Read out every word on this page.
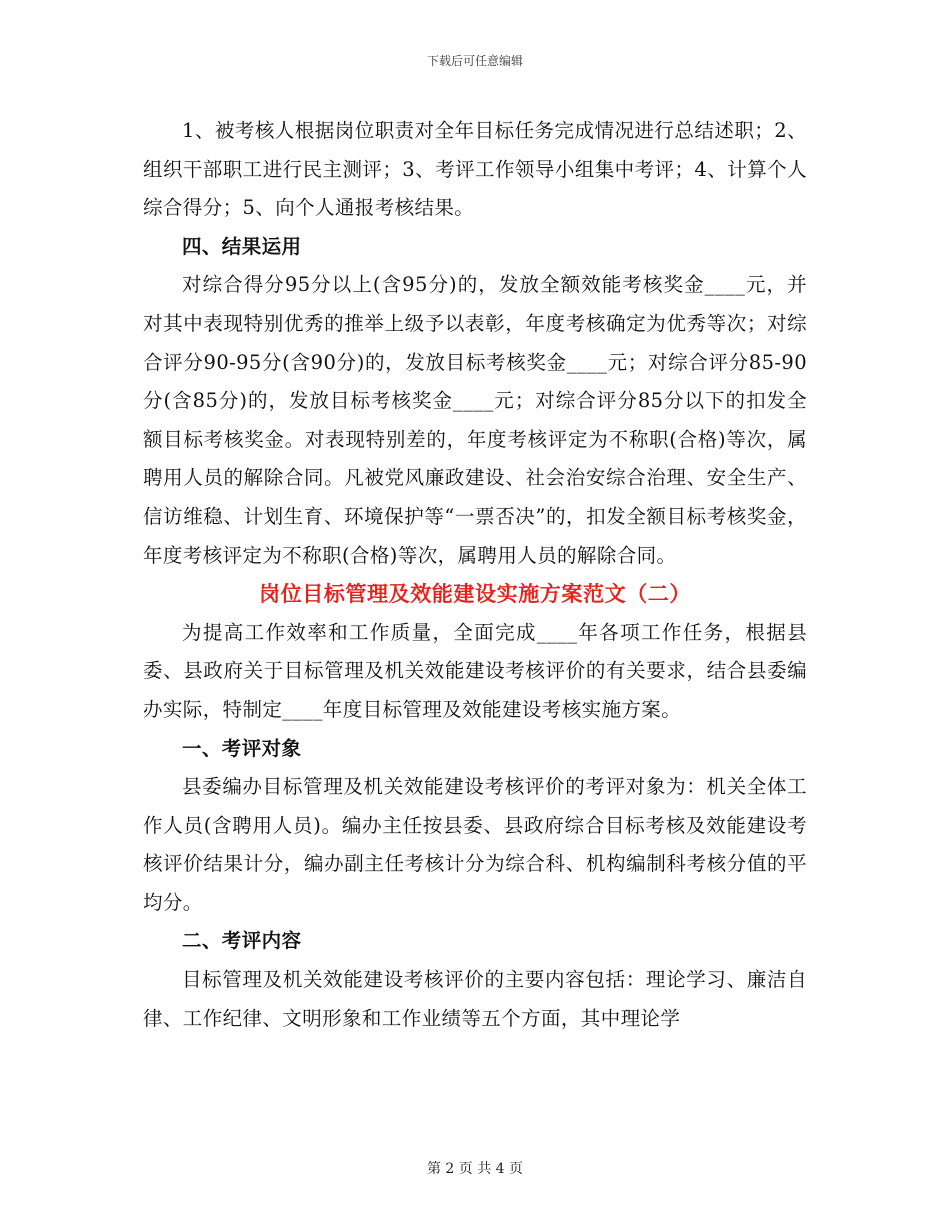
下载后可任意编辑

1、被考核人根据岗位职责对全年目标任务完成情况进行总结述职；2、组织干部职工进行民主测评；3、考评工作领导小组集中考评；4、计算个人综合得分；5、向个人通报考核结果。

四、结果运用

对综合得分95分以上(含95分)的，发放全额效能考核奖金____元，并对其中表现特别优秀的推举上级予以表彰，年度考核确定为优秀等次；对综合评分90-95分(含90分)的，发放目标考核奖金____元；对综合评分85-90分(含85分)的，发放目标考核奖金____元；对综合评分85分以下的扣发全额目标考核奖金。对表现特别差的，年度考核评定为不称职(合格)等次，属聘用人员的解除合同。凡被党风廉政建设、社会治安综合治理、安全生产、信访维稳、计划生育、环境保护等“一票否决”的，扣发全额目标考核奖金，年度考核评定为不称职(合格)等次，属聘用人员的解除合同。

岗位目标管理及效能建设实施方案范文（二）

为提高工作效率和工作质量，全面完成____年各项工作任务，根据县委、县政府关于目标管理及机关效能建设考核评价的有关要求，结合县委编办实际，特制定____年度目标管理及效能建设考核实施方案。

一、考评对象

县委编办目标管理及机关效能建设考核评价的考评对象为：机关全体工作人员(含聘用人员)。编办主任按县委、县政府综合目标考核及效能建设考核评价结果计分，编办副主任考核计分为综合科、机构编制科考核分值的平均分。

二、考评内容

目标管理及机关效能建设考核评价的主要内容包括：理论学习、廉洁自律、工作纪律、文明形象和工作业绩等五个方面，其中理论学

第 2 页 共 4 页
